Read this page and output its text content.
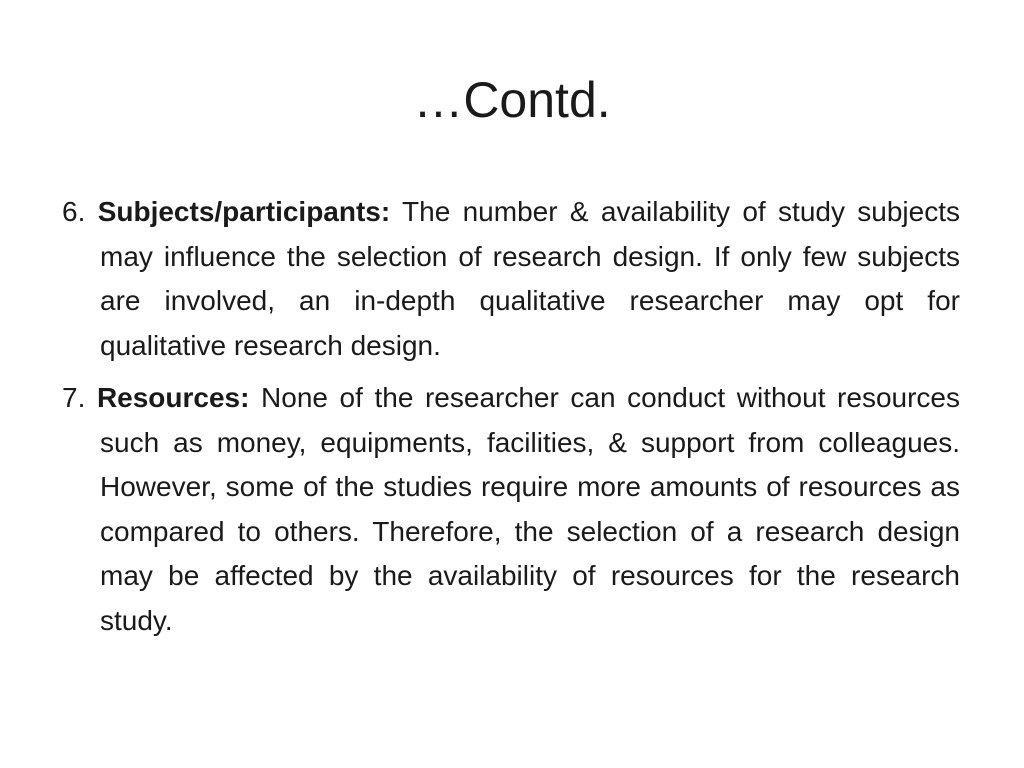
…Contd.

6. Subjects/participants: The number & availability of study subjects may influence the selection of research design. If only few subjects are involved, an in-depth qualitative researcher may opt for qualitative research design.

7. Resources: None of the researcher can conduct without resources such as money, equipments, facilities, & support from colleagues. However, some of the studies require more amounts of resources as compared to others. Therefore, the selection of a research design may be affected by the availability of resources for the research study.
